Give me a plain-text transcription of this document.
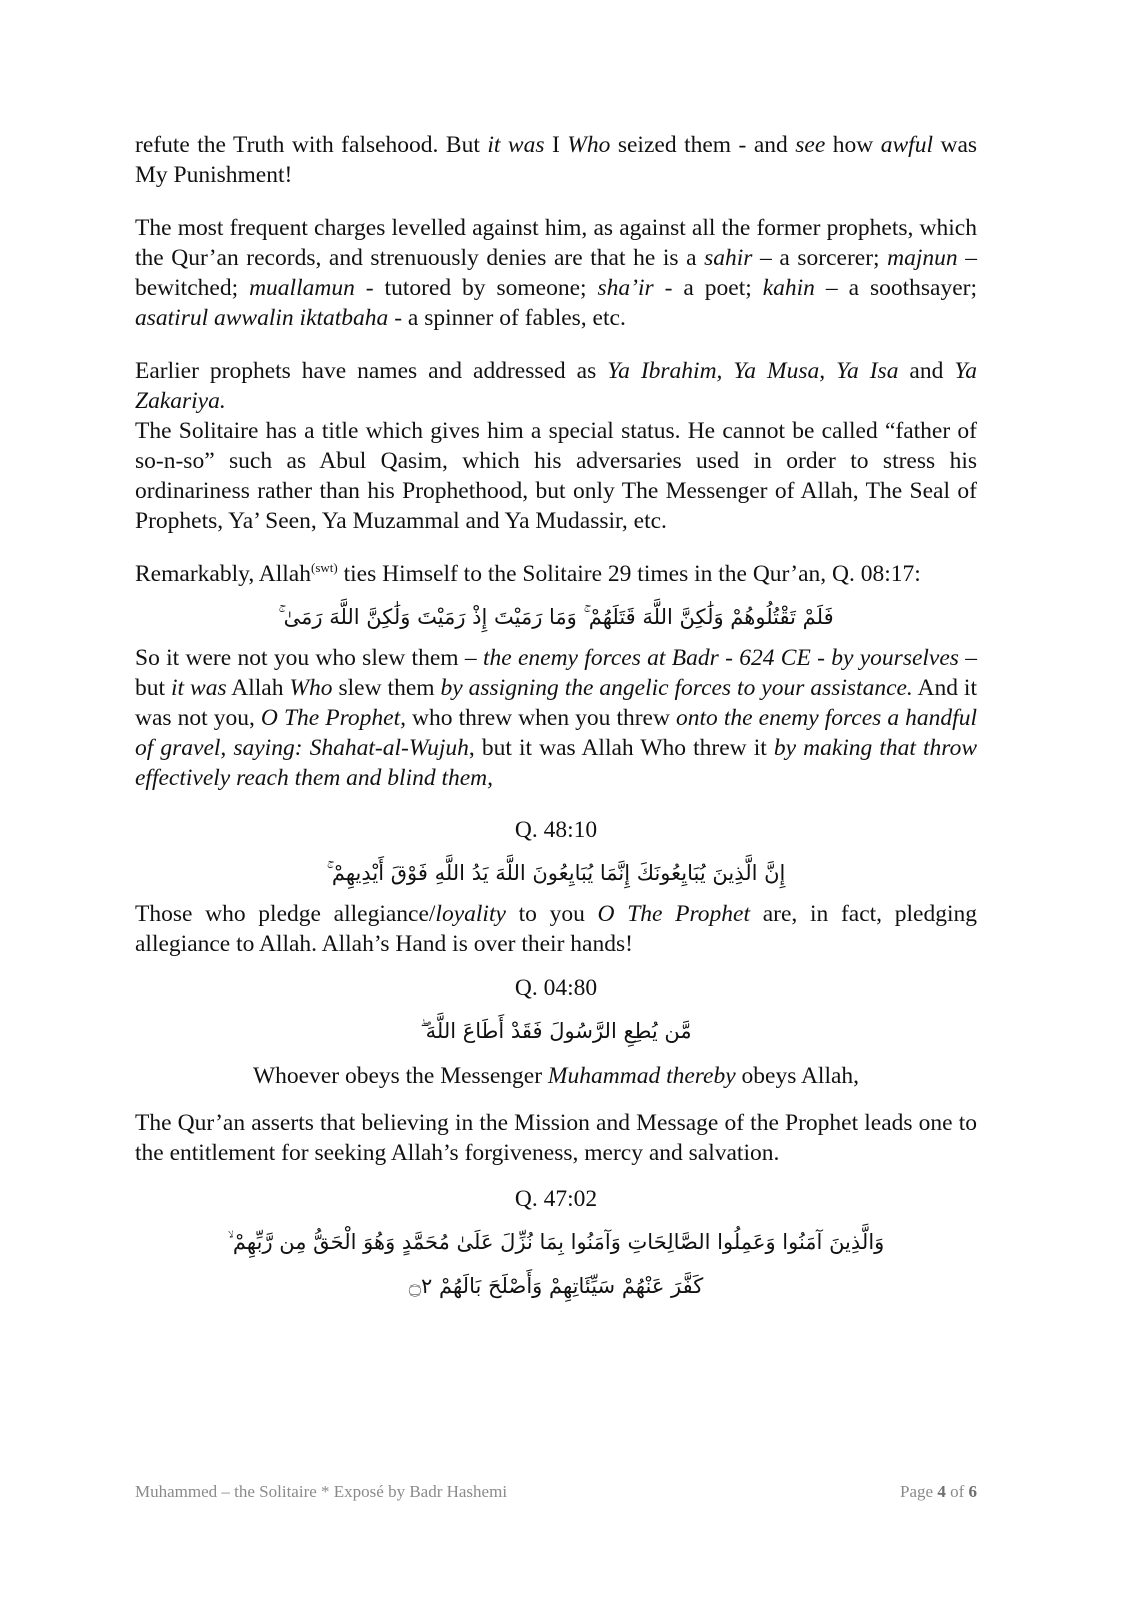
refute the Truth with falsehood. But it was I Who seized them - and see how awful was My Punishment!

The most frequent charges levelled against him, as against all the former prophets, which the Qur’an records, and strenuously denies are that he is a sahir – a sorcerer; majnun – bewitched; muallamun - tutored by someone; sha’ir - a poet; kahin – a soothsayer; asatirul awwalin iktatbaha - a spinner of fables, etc.

Earlier prophets have names and addressed as Ya Ibrahim, Ya Musa, Ya Isa and Ya Zakariya.

The Solitaire has a title which gives him a special status. He cannot be called “father of so-n-so” such as Abul Qasim, which his adversaries used in order to stress his ordinariness rather than his Prophethood, but only The Messenger of Allah, The Seal of Prophets, Ya’ Seen, Ya Muzammal and Ya Mudassir, etc.

Remarkably, Allah$^{(swt)}$ ties Himself to the Solitaire 29 times in the Qur’an, Q. 08:17:

فَلَمْ تَقْتُلُوهُمْ وَلَٰكِنَّ اللَّهَ قَتَلَهُمْ ۚ وَمَا رَمَيْتَ إِذْ رَمَيْتَ وَلَٰكِنَّ اللَّهَ رَمَىٰ ۚ

So it were not you who slew them – the enemy forces at Badr - 624 CE - by yourselves – but it was Allah Who slew them by assigning the angelic forces to your assistance. And it was not you, O The Prophet, who threw when you threw onto the enemy forces a handful of gravel, saying: Shahat-al-Wujuh, but it was Allah Who threw it by making that throw effectively reach them and blind them,

Q. 48:10
إِنَّ الَّذِينَ يُبَايِعُونَكَ إِنَّمَا يُبَايِعُونَ اللَّهَ يَدُ اللَّهِ فَوْقَ أَيْدِيهِمْ ۚ

Those who pledge allegiance/loyality to you O The Prophet are, in fact, pledging allegiance to Allah. Allah’s Hand is over their hands!

Q. 04:80
مَّن يُطِعِ الرَّسُولَ فَقَدْ أَطَاعَ اللَّهَ ۖ

Whoever obeys the Messenger Muhammad thereby obeys Allah,

The Qur’an asserts that believing in the Mission and Message of the Prophet leads one to the entitlement for seeking Allah’s forgiveness, mercy and salvation.

Q. 47:02
وَالَّذِينَ آمَنُوا وَعَمِلُوا الصَّالِحَاتِ وَآمَنُوا بِمَا نُزِّلَ عَلَىٰ مُحَمَّدٍ وَهُوَ الْحَقُّ مِن رَّبِّهِمْ ۙ
كَفَّرَ عَنْهُمْ سَيِّئَاتِهِمْ وَأَصْلَحَ بَالَهُمْ ۝٢
Muhammed – the Solitaire * Exposé by Badr Hashemi	Page 4 of 6
